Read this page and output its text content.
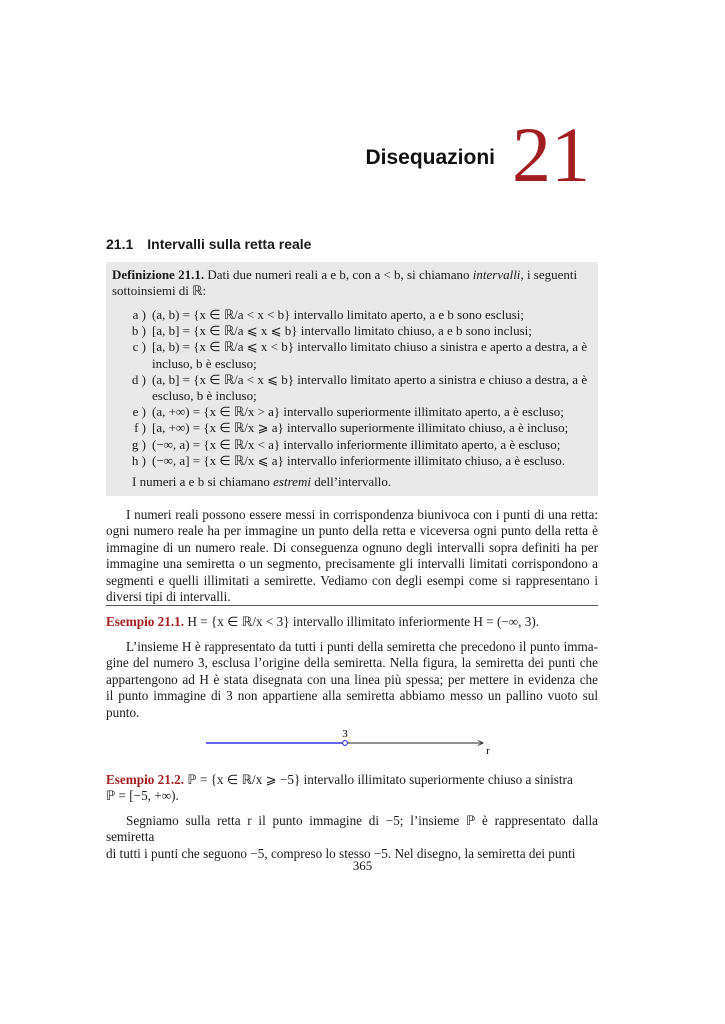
Disequazioni 21
21.1 Intervalli sulla retta reale
Definizione 21.1. Dati due numeri reali a e b, con a < b, si chiamano intervalli, i seguenti
sottoinsiemi di ℝ:
a ) (a, b) = {x ∈ ℝ/a < x < b} intervallo limitato aperto, a e b sono esclusi;
b ) [a, b] = {x ∈ ℝ/a ⩽ x ⩽ b} intervallo limitato chiuso, a e b sono inclusi;
c ) [a, b) = {x ∈ ℝ/a ⩽ x < b} intervallo limitato chiuso a sinistra e aperto a destra, a è
incluso, b è escluso;
d ) (a, b] = {x ∈ ℝ/a < x ⩽ b} intervallo limitato aperto a sinistra e chiuso a destra, a è
escluso, b è incluso;
e ) (a, +∞) = {x ∈ ℝ/x > a} intervallo superiormente illimitato aperto, a è escluso;
f ) [a, +∞) = {x ∈ ℝ/x ⩾ a} intervallo superiormente illimitato chiuso, a è incluso;
g ) (−∞, a) = {x ∈ ℝ/x < a} intervallo inferiormente illimitato aperto, a è escluso;
h ) (−∞, a] = {x ∈ ℝ/x ⩽ a} intervallo inferiormente illimitato chiuso, a è escluso.
I numeri a e b si chiamano estremi dell’intervallo.
I numeri reali possono essere messi in corrispondenza biunivoca con i punti di una retta:
ogni numero reale ha per immagine un punto della retta e viceversa ogni punto della retta è
immagine di un numero reale. Di conseguenza ognuno degli intervalli sopra definiti ha per
immagine una semiretta o un segmento, precisamente gli intervalli limitati corrispondono a
segmenti e quelli illimitati a semirette. Vediamo con degli esempi come si rappresentano i
diversi tipi di intervalli.
Esempio 21.1. H = {x ∈ ℝ/x < 3} intervallo illimitato inferiormente H = (−∞, 3).
L’insieme H è rappresentato da tutti i punti della semiretta che precedono il punto imma-
gine del numero 3, esclusa l’origine della semiretta. Nella figura, la semiretta dei punti che
appartengono ad H è stata disegnata con una linea più spessa; per mettere in evidenza che
il punto immagine di 3 non appartiene alla semiretta abbiamo messo un pallino vuoto sul
punto.
3
r
Esempio 21.2. ℙ = {x ∈ ℝ/x ⩾ −5} intervallo illimitato superiormente chiuso a sinistra
ℙ = [−5, +∞).
Segniamo sulla retta r il punto immagine di −5; l’insieme ℙ è rappresentato dalla semiretta
di tutti i punti che seguono −5, compreso lo stesso −5. Nel disegno, la semiretta dei punti
365
